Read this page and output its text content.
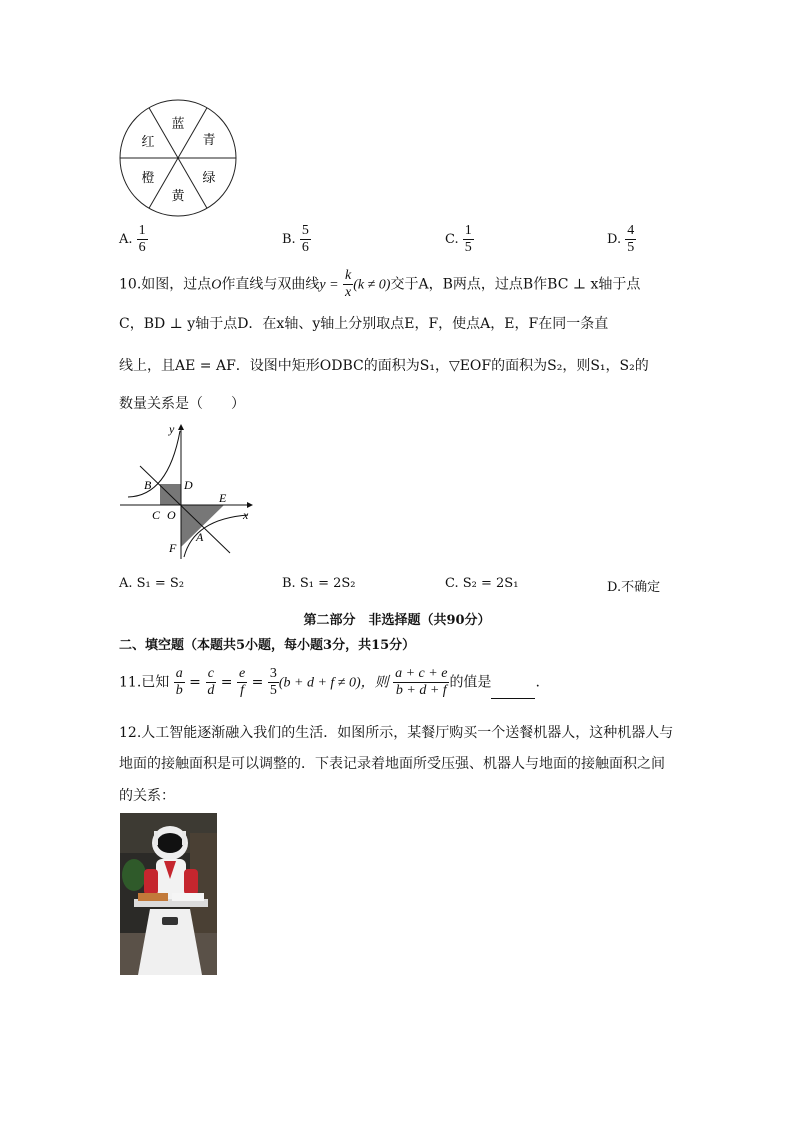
蓝
青
绿
黄
橙
红
A. $\frac{1}{6}$	B. $\frac{5}{6}$	C. $\frac{1}{5}$	D. $\frac{4}{5}$
10.如图，过点O作直线与双曲线$y = \frac{k}{x} (k \ne 0)$交于A，B两点，过点B作BC ⊥ x轴于点
C，BD ⊥ y轴于点D．在x轴、y轴上分别取点E，F，使点A，E，F在同一条直
线上，且AE = AF．设图中矩形ODBC的面积为S₁，▽EOF的面积为S₂，则S₁，S₂的
数量关系是（　　）
y
x
B	D
C O
E
F
A
A. S₁ = S₂	B. S₁ = 2S₂	C. S₂ = 2S₁	D.不确定
第二部分　非选择题（共90分）
二、填空题（本题共5小题，每小题3分，共15分）
11.已知 $\frac{a}{b} = \frac{c}{d} = \frac{e}{f} = \frac{3}{5} (b + d + f \ne 0)$，则 $\frac{a + c + e}{b + d + f}$ 的值是	.
12.人工智能逐渐融入我们的生活．如图所示，某餐厅购买一个送餐机器人，这种机器人与
地面的接触面积是可以调整的．下表记录着地面所受压强、机器人与地面的接触面积之间
的关系：
